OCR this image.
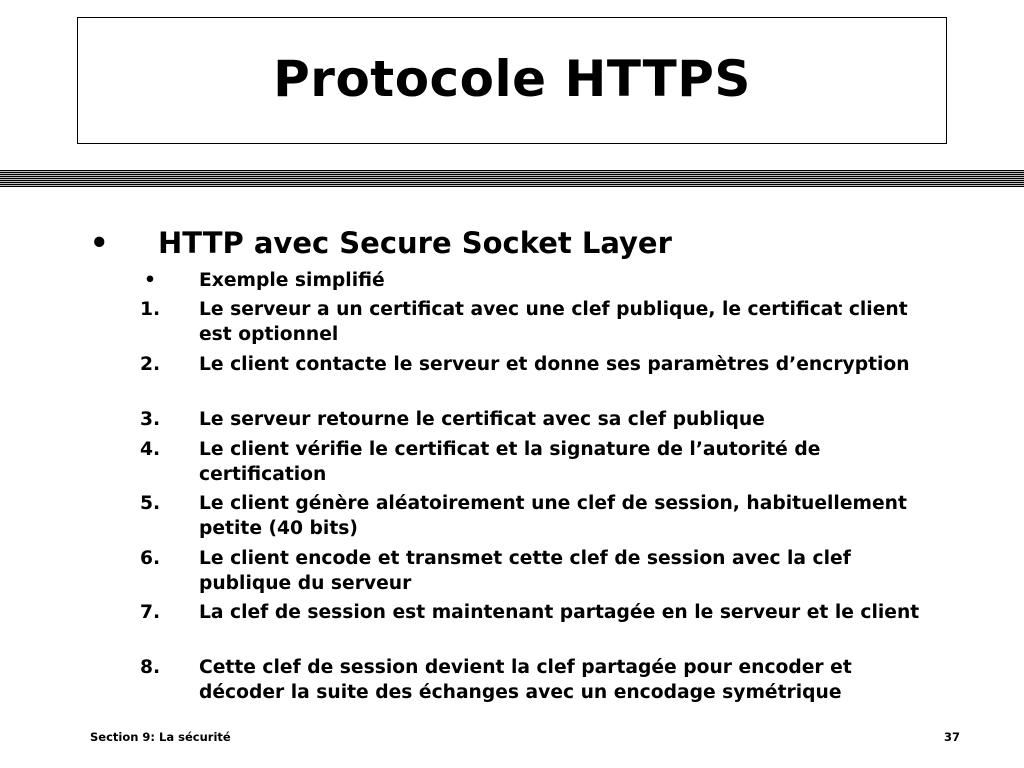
Protocole HTTPS
• HTTP avec Secure Socket Layer
•	Exemple simplifié
1.	Le serveur a un certificat avec une clef publique, le certificat client est optionnel
2.	Le client contacte le serveur et donne ses paramètres d’encryption
3.	Le serveur retourne le certificat avec sa clef publique
4.	Le client vérifie le certificat et la signature de l’autorité de certification
5.	Le client génère aléatoirement une clef de session, habituellement petite (40 bits)
6.	Le client encode et transmet cette clef de session avec la clef publique du serveur
7.	La clef de session est maintenant partagée en le serveur et le client
8.	Cette clef de session devient la clef partagée pour encoder et décoder la suite des échanges avec un encodage symétrique
Section 9: La sécurité	37
